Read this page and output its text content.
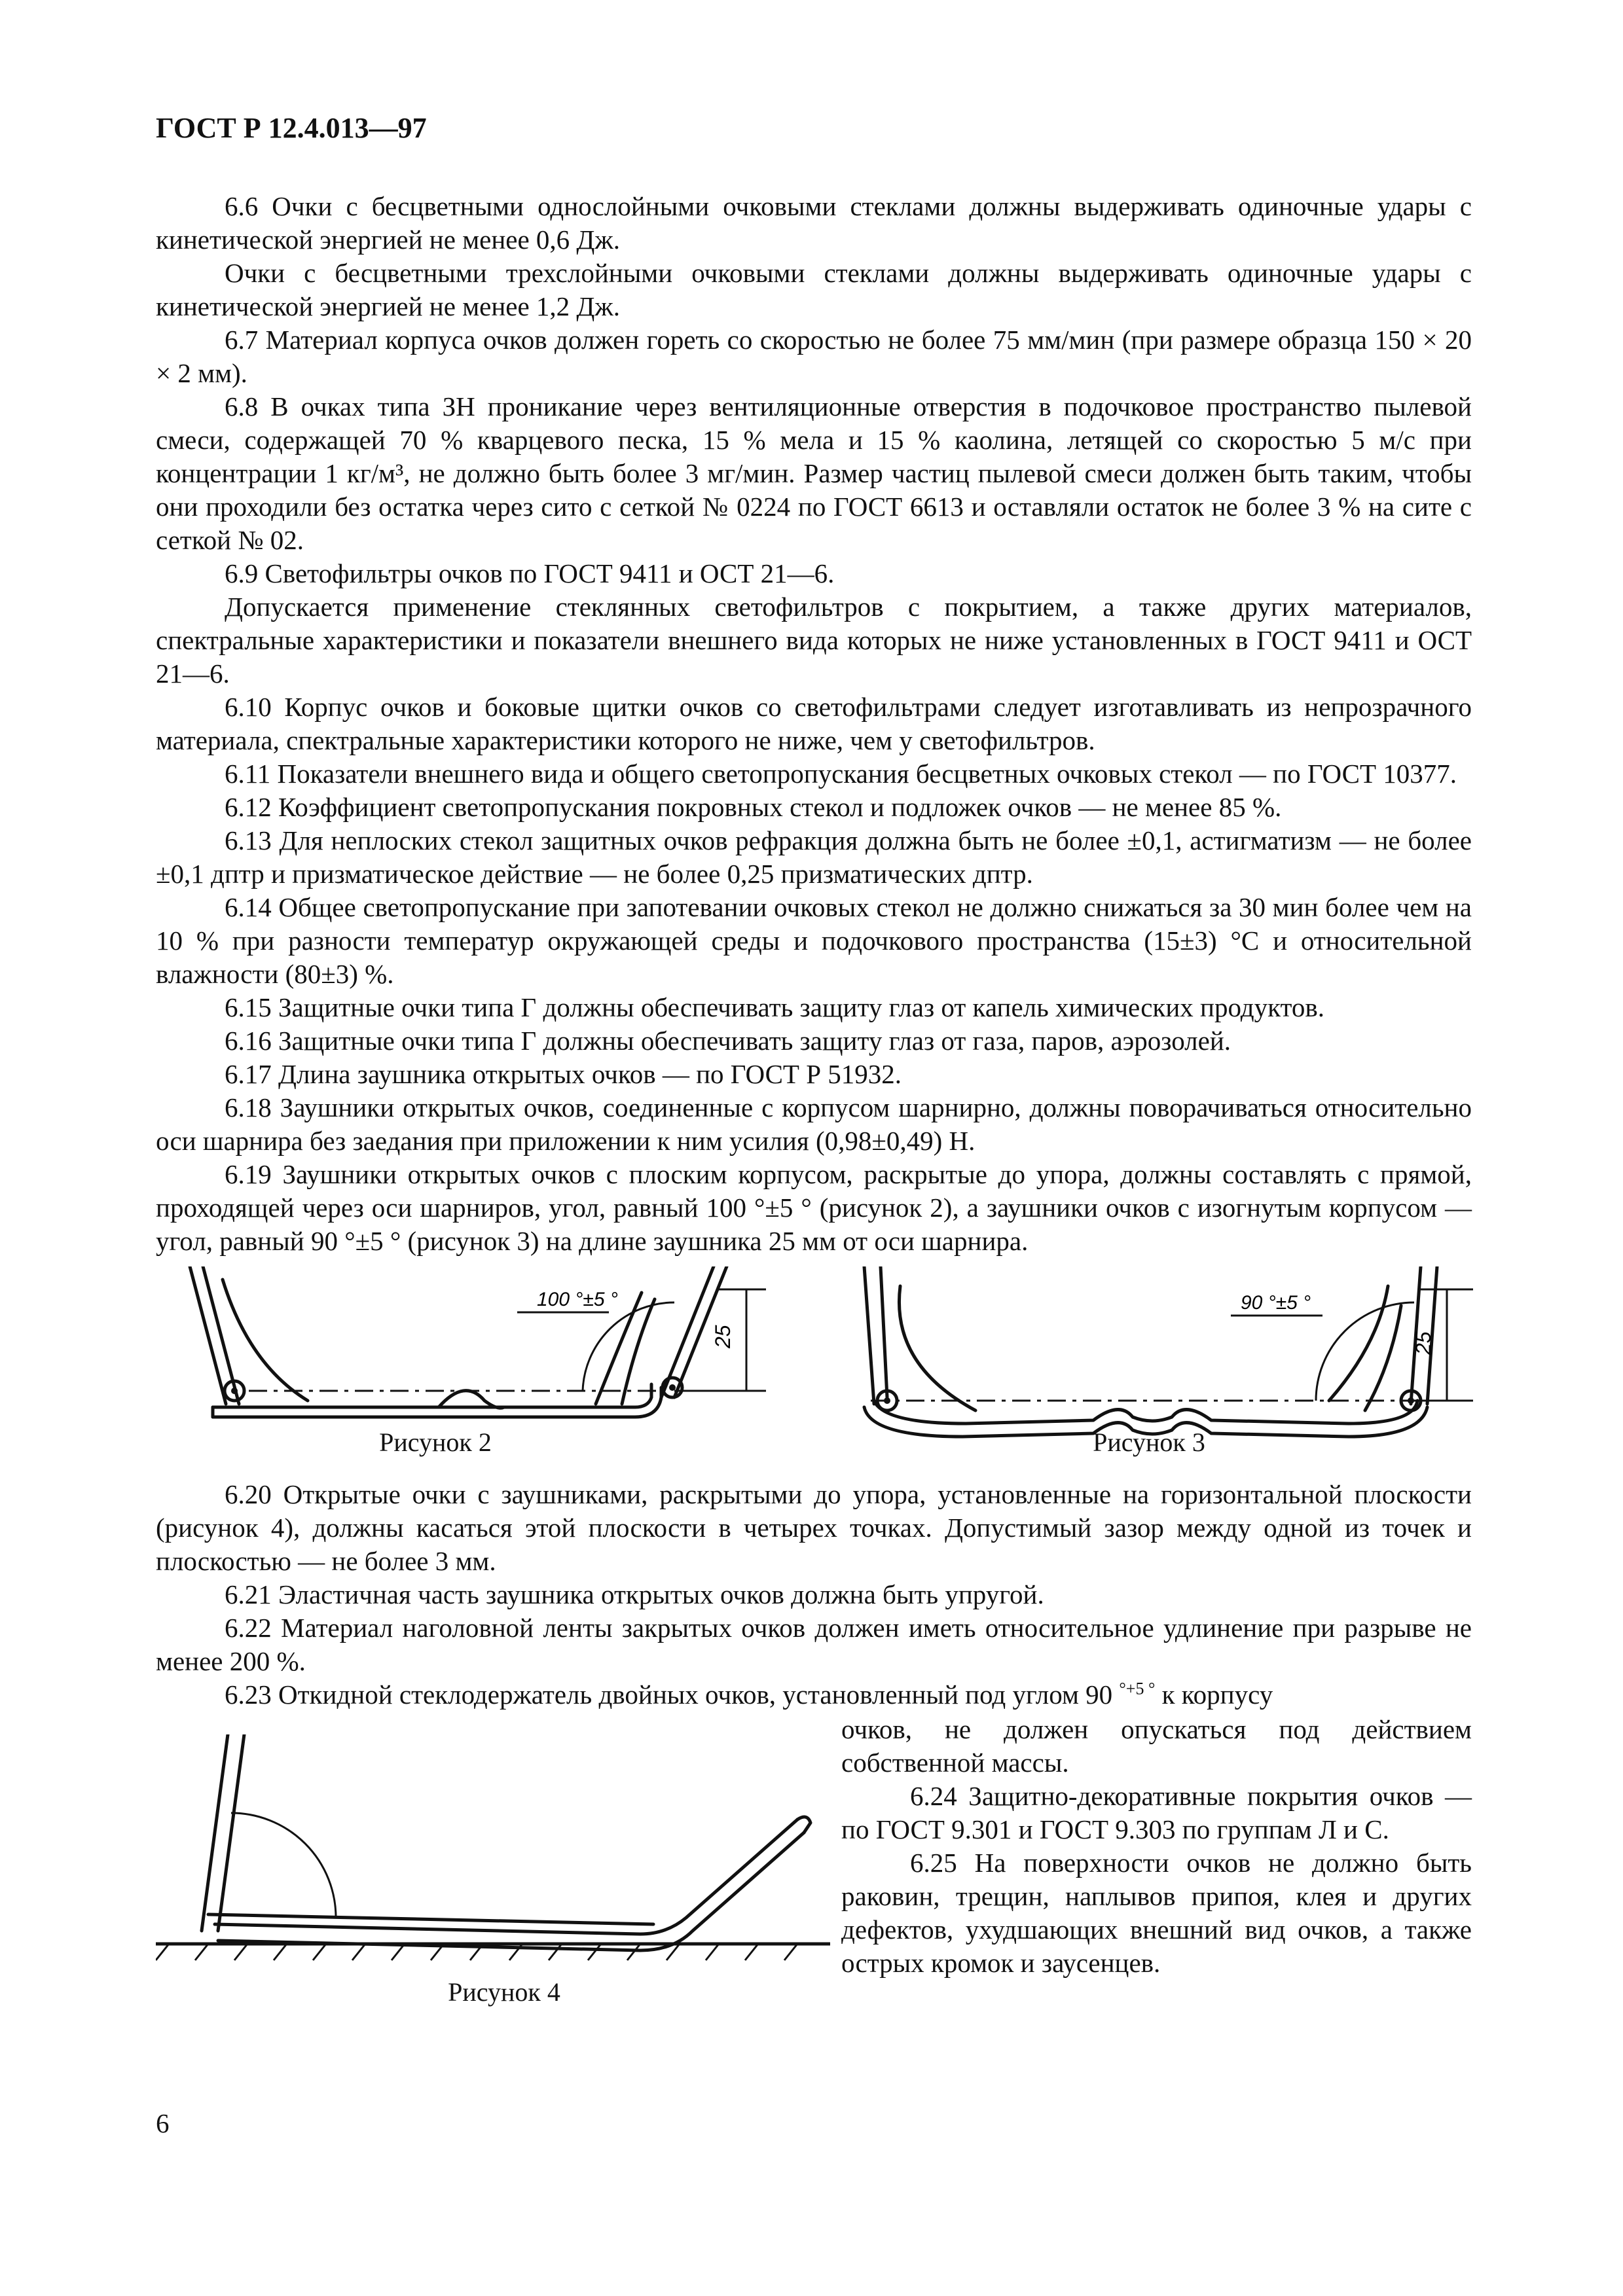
ГОСТ Р 12.4.013—97

6.6 Очки с бесцветными однослойными очковыми стеклами должны выдерживать одиночные удары с кинетической энергией не менее 0,6 Дж.

Очки с бесцветными трехслойными очковыми стеклами должны выдерживать одиночные удары с кинетической энергией не менее 1,2 Дж.

6.7 Материал корпуса очков должен гореть со скоростью не более 75 мм/мин (при размере образца 150 × 20 × 2 мм).

6.8 В очках типа ЗН проникание через вентиляционные отверстия в подочковое пространство пылевой смеси, содержащей 70 % кварцевого песка, 15 % мела и 15 % каолина, летящей со скоростью 5 м/с при концентрации 1 кг/м³, не должно быть более 3 мг/мин. Размер частиц пылевой смеси должен быть таким, чтобы они проходили без остатка через сито с сеткой № 0224 по ГОСТ 6613 и оставляли остаток не более 3 % на сите с сеткой № 02.

6.9 Светофильтры очков по ГОСТ 9411 и ОСТ 21—6.

Допускается применение стеклянных светофильтров с покрытием, а также других материалов, спектральные характеристики и показатели внешнего вида которых не ниже установленных в ГОСТ 9411 и ОСТ 21—6.

6.10 Корпус очков и боковые щитки очков со светофильтрами следует изготавливать из непрозрачного материала, спектральные характеристики которого не ниже, чем у светофильтров.

6.11 Показатели внешнего вида и общего светопропускания бесцветных очковых стекол — по ГОСТ 10377.

6.12 Коэффициент светопропускания покровных стекол и подложек очков — не менее 85 %.

6.13 Для неплоских стекол защитных очков рефракция должна быть не более ±0,1, астигматизм — не более ±0,1 дптр и призматическое действие — не более 0,25 призматических дптр.

6.14 Общее светопропускание при запотевании очковых стекол не должно снижаться за 30 мин более чем на 10 % при разности температур окружающей среды и подочкового пространства (15±3) °С и относительной влажности (80±3) %.

6.15 Защитные очки типа Г должны обеспечивать защиту глаз от капель химических продуктов.

6.16 Защитные очки типа Г должны обеспечивать защиту глаз от газа, паров, аэрозолей.

6.17 Длина заушника открытых очков — по ГОСТ Р 51932.

6.18 Заушники открытых очков, соединенные с корпусом шарнирно, должны поворачиваться относительно оси шарнира без заедания при приложении к ним усилия (0,98±0,49) Н.

6.19 Заушники открытых очков с плоским корпусом, раскрытые до упора, должны составлять с прямой, проходящей через оси шарниров, угол, равный 100 °±5 ° (рисунок 2), а заушники очков с изогнутым корпусом — угол, равный 90 °±5 ° (рисунок 3) на длине заушника 25 мм от оси шарнира.

100 °±5 °
25
90 °±5 °
25
Рисунок 2	Рисунок 3

6.20 Открытые очки с заушниками, раскрытыми до упора, установленные на горизонтальной плоскости (рисунок 4), должны касаться этой плоскости в четырех точках. Допустимый зазор между одной из точек и плоскостью — не более 3 мм.

6.21 Эластичная часть заушника открытых очков должна быть упругой.

6.22 Материал наголовной ленты закрытых очков должен иметь относительное удлинение при разрыве не менее 200 %.

6.23 Откидной стеклодержатель двойных очков, установленный под углом 90 $^{^\circ+5 ^\circ}$ к корпусу

очков, не должен опускаться под действием собственной массы.

6.24 Защитно-декоративные покрытия очков — по ГОСТ 9.301 и ГОСТ 9.303 по группам Л и С.

6.25 На поверхности очков не должно быть раковин, трещин, наплывов припоя, клея и других дефектов, ухудшающих внешний вид очков, а также острых кромок и заусенцев.

Рисунок 4
6
